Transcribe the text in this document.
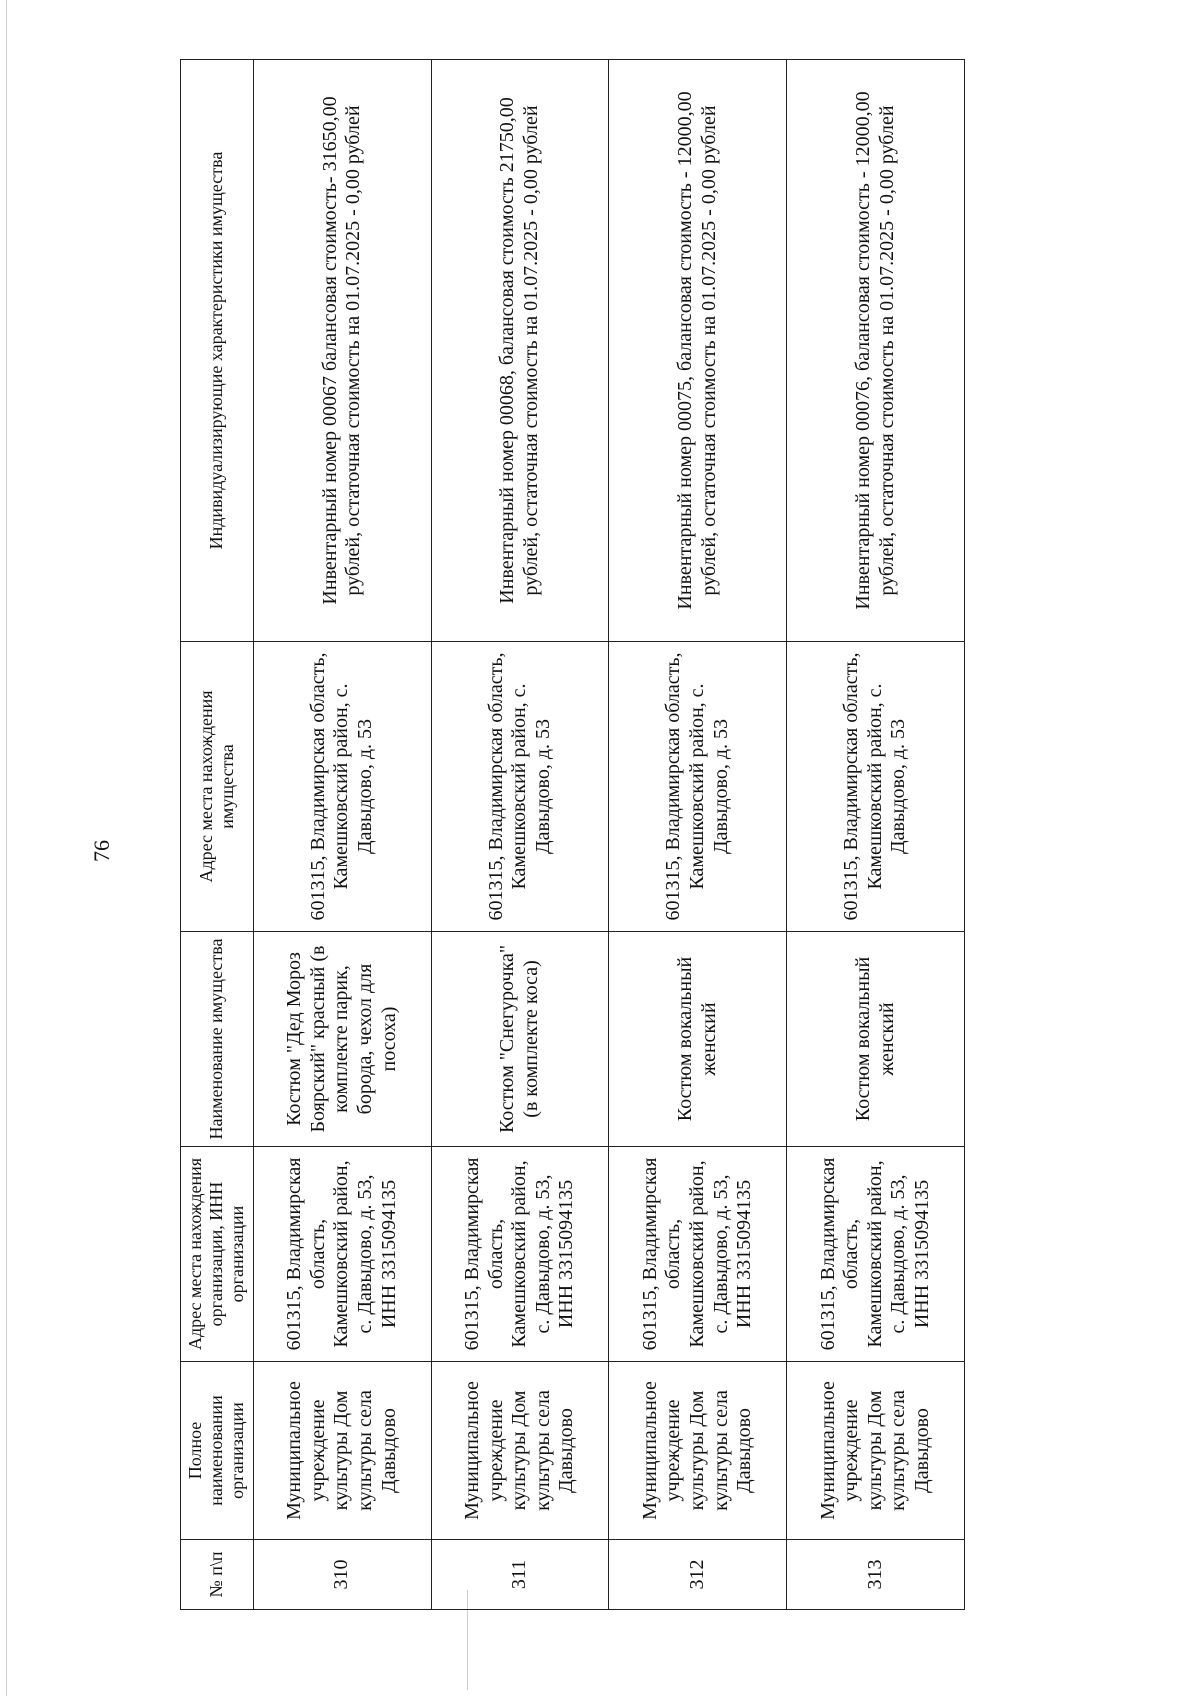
76
№ п\п	Полное наименовании организации	Адрес места нахождения организации, ИНН организации	Наименование имущества	Адрес места нахождения имущества	Индивидуализирующие характеристики имущества
310	Муниципальное учреждение культуры Дом культуры села Давыдово	601315, Владимирская область, Камешковский район, с. Давыдово, д. 53, ИНН 3315094135	Костюм "Дед Мороз Боярский" красный (в комплекте парик, борода, чехол для посоха)	601315, Владимирская область, Камешковский район, с. Давыдово, д. 53	Инвентарный номер 00067 балансовая стоимость- 31650,00 рублей, остаточная стоимость на 01.07.2025 - 0,00 рублей
311	Муниципальное учреждение культуры Дом культуры села Давыдово	601315, Владимирская область, Камешковский район, с. Давыдово, д. 53, ИНН 3315094135	Костюм "Снегурочка" (в комплекте коса)	601315, Владимирская область, Камешковский район, с. Давыдово, д. 53	Инвентарный номер 00068, балансовая стоимость 21750,00 рублей, остаточная стоимость на 01.07.2025 - 0,00 рублей
312	Муниципальное учреждение культуры Дом культуры села Давыдово	601315, Владимирская область, Камешковский район, с. Давыдово, д. 53, ИНН 3315094135	Костюм вокальный женский	601315, Владимирская область, Камешковский район, с. Давыдово, д. 53	Инвентарный номер 00075, балансовая стоимость - 12000,00 рублей, остаточная стоимость на 01.07.2025 - 0,00 рублей
313	Муниципальное учреждение культуры Дом культуры села Давыдово	601315, Владимирская область, Камешковский район, с. Давыдово, д. 53, ИНН 3315094135	Костюм вокальный женский	601315, Владимирская область, Камешковский район, с. Давыдово, д. 53	Инвентарный номер 00076, балансовая стоимость - 12000,00 рублей, остаточная стоимость на 01.07.2025 - 0,00 рублей
